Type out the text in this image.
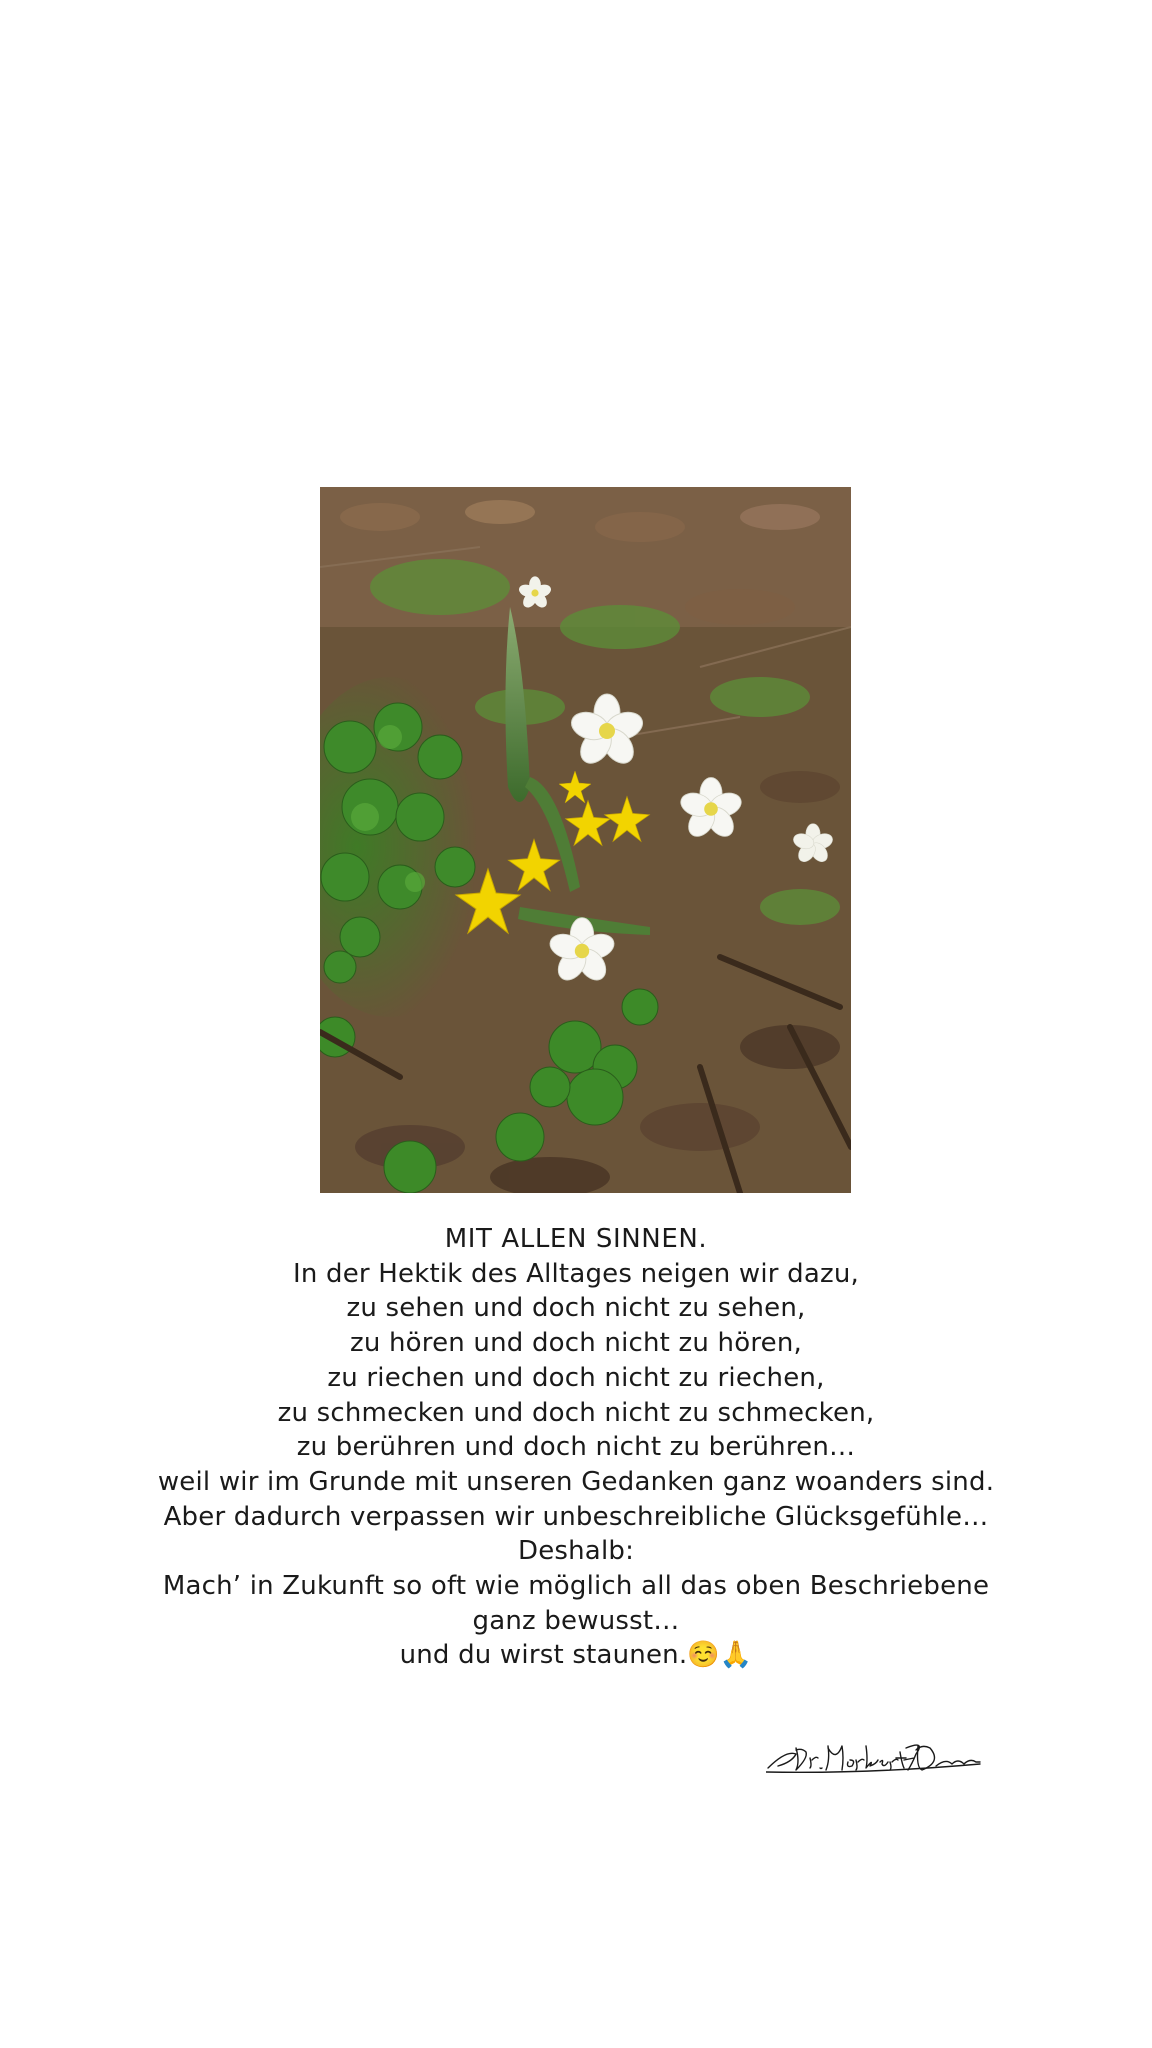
MIT ALLEN SINNEN.

In der Hektik des Alltages neigen wir dazu,

zu sehen und doch nicht zu sehen,

zu hören und doch nicht zu hören,

zu riechen und doch nicht zu riechen,

zu schmecken und doch nicht zu schmecken,

zu berühren und doch nicht zu berühren…

weil wir im Grunde mit unseren Gedanken ganz woanders sind.

Aber dadurch verpassen wir unbeschreibliche Glücksgefühle…

Deshalb:

Mach’ in Zukunft so oft wie möglich all das oben Beschriebene

ganz bewusst…

und du wirst staunen.☺️🙏
